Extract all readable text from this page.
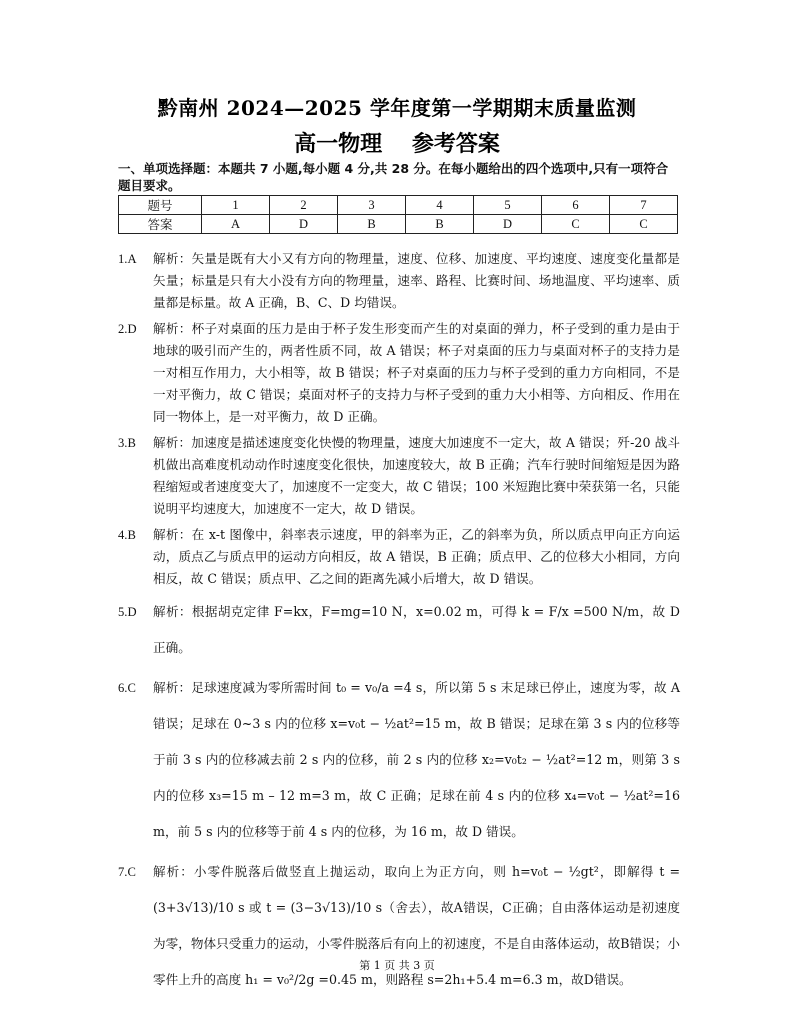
黔南州 2024—2025 学年度第一学期期末质量监测
高一物理 参考答案
一、单项选择题：本题共 7 小题,每小题 4 分,共 28 分。在每小题给出的四个选项中,只有一项符合题目要求。
题号	1	2	3	4	5	6	7
答案	A	D	B	B	D	C	C
1.A	解析：矢量是既有大小又有方向的物理量，速度、位移、加速度、平均速度、速度变化量都是矢量；标量是只有大小没有方向的物理量，速率、路程、比赛时间、场地温度、平均速率、质量都是标量。故 A 正确，B、C、D 均错误。
2.D	解析：杯子对桌面的压力是由于杯子发生形变而产生的对桌面的弹力，杯子受到的重力是由于地球的吸引而产生的，两者性质不同，故 A 错误；杯子对桌面的压力与桌面对杯子的支持力是一对相互作用力，大小相等，故 B 错误；杯子对桌面的压力与杯子受到的重力方向相同，不是一对平衡力，故 C 错误；桌面对杯子的支持力与杯子受到的重力大小相等、方向相反、作用在同一物体上，是一对平衡力，故 D 正确。
3.B	解析：加速度是描述速度变化快慢的物理量，速度大加速度不一定大，故 A 错误；歼-20 战斗机做出高难度机动动作时速度变化很快，加速度较大，故 B 正确；汽车行驶时间缩短是因为路程缩短或者速度变大了，加速度不一定变大，故 C 错误；100 米短跑比赛中荣获第一名，只能说明平均速度大，加速度不一定大，故 D 错误。
4.B	解析：在 x-t 图像中，斜率表示速度，甲的斜率为正，乙的斜率为负，所以质点甲向正方向运动，质点乙与质点甲的运动方向相反，故 A 错误，B 正确；质点甲、乙的位移大小相同，方向相反，故 C 错误；质点甲、乙之间的距离先减小后增大，故 D 错误。
5.D	解析：根据胡克定律 F=kx，F=mg=10 N，x=0.02 m，可得 k = F/x =500 N/m，故 D 正确。
6.C	解析：足球速度减为零所需时间 t₀ = v₀/a =4 s，所以第 5 s 末足球已停止，速度为零，故 A 错误；足球在 0~3 s 内的位移 x=v₀t − ½at²=15 m，故 B 错误；足球在第 3 s 内的位移等于前 3 s 内的位移减去前 2 s 内的位移，前 2 s 内的位移 x₂=v₀t₂ − ½at²=12 m，则第 3 s 内的位移 x₃=15 m – 12 m=3 m，故 C 正确；足球在前 4 s 内的位移 x₄=v₀t − ½at²=16 m，前 5 s 内的位移等于前 4 s 内的位移，为 16 m，故 D 错误。
7.C	解析：小零件脱落后做竖直上抛运动，取向上为正方向，则 h=v₀t − ½gt²，即解得 t = (3+3√13)/10 s 或 t = (3−3√13)/10 s（舍去），故A错误，C正确；自由落体运动是初速度为零，物体只受重力的运动，小零件脱落后有向上的初速度，不是自由落体运动，故B错误；小零件上升的高度 h₁ = v₀²/2g =0.45 m，则路程 s=2h₁+5.4 m=6.3 m，故D错误。
第 1 页 共 3 页
